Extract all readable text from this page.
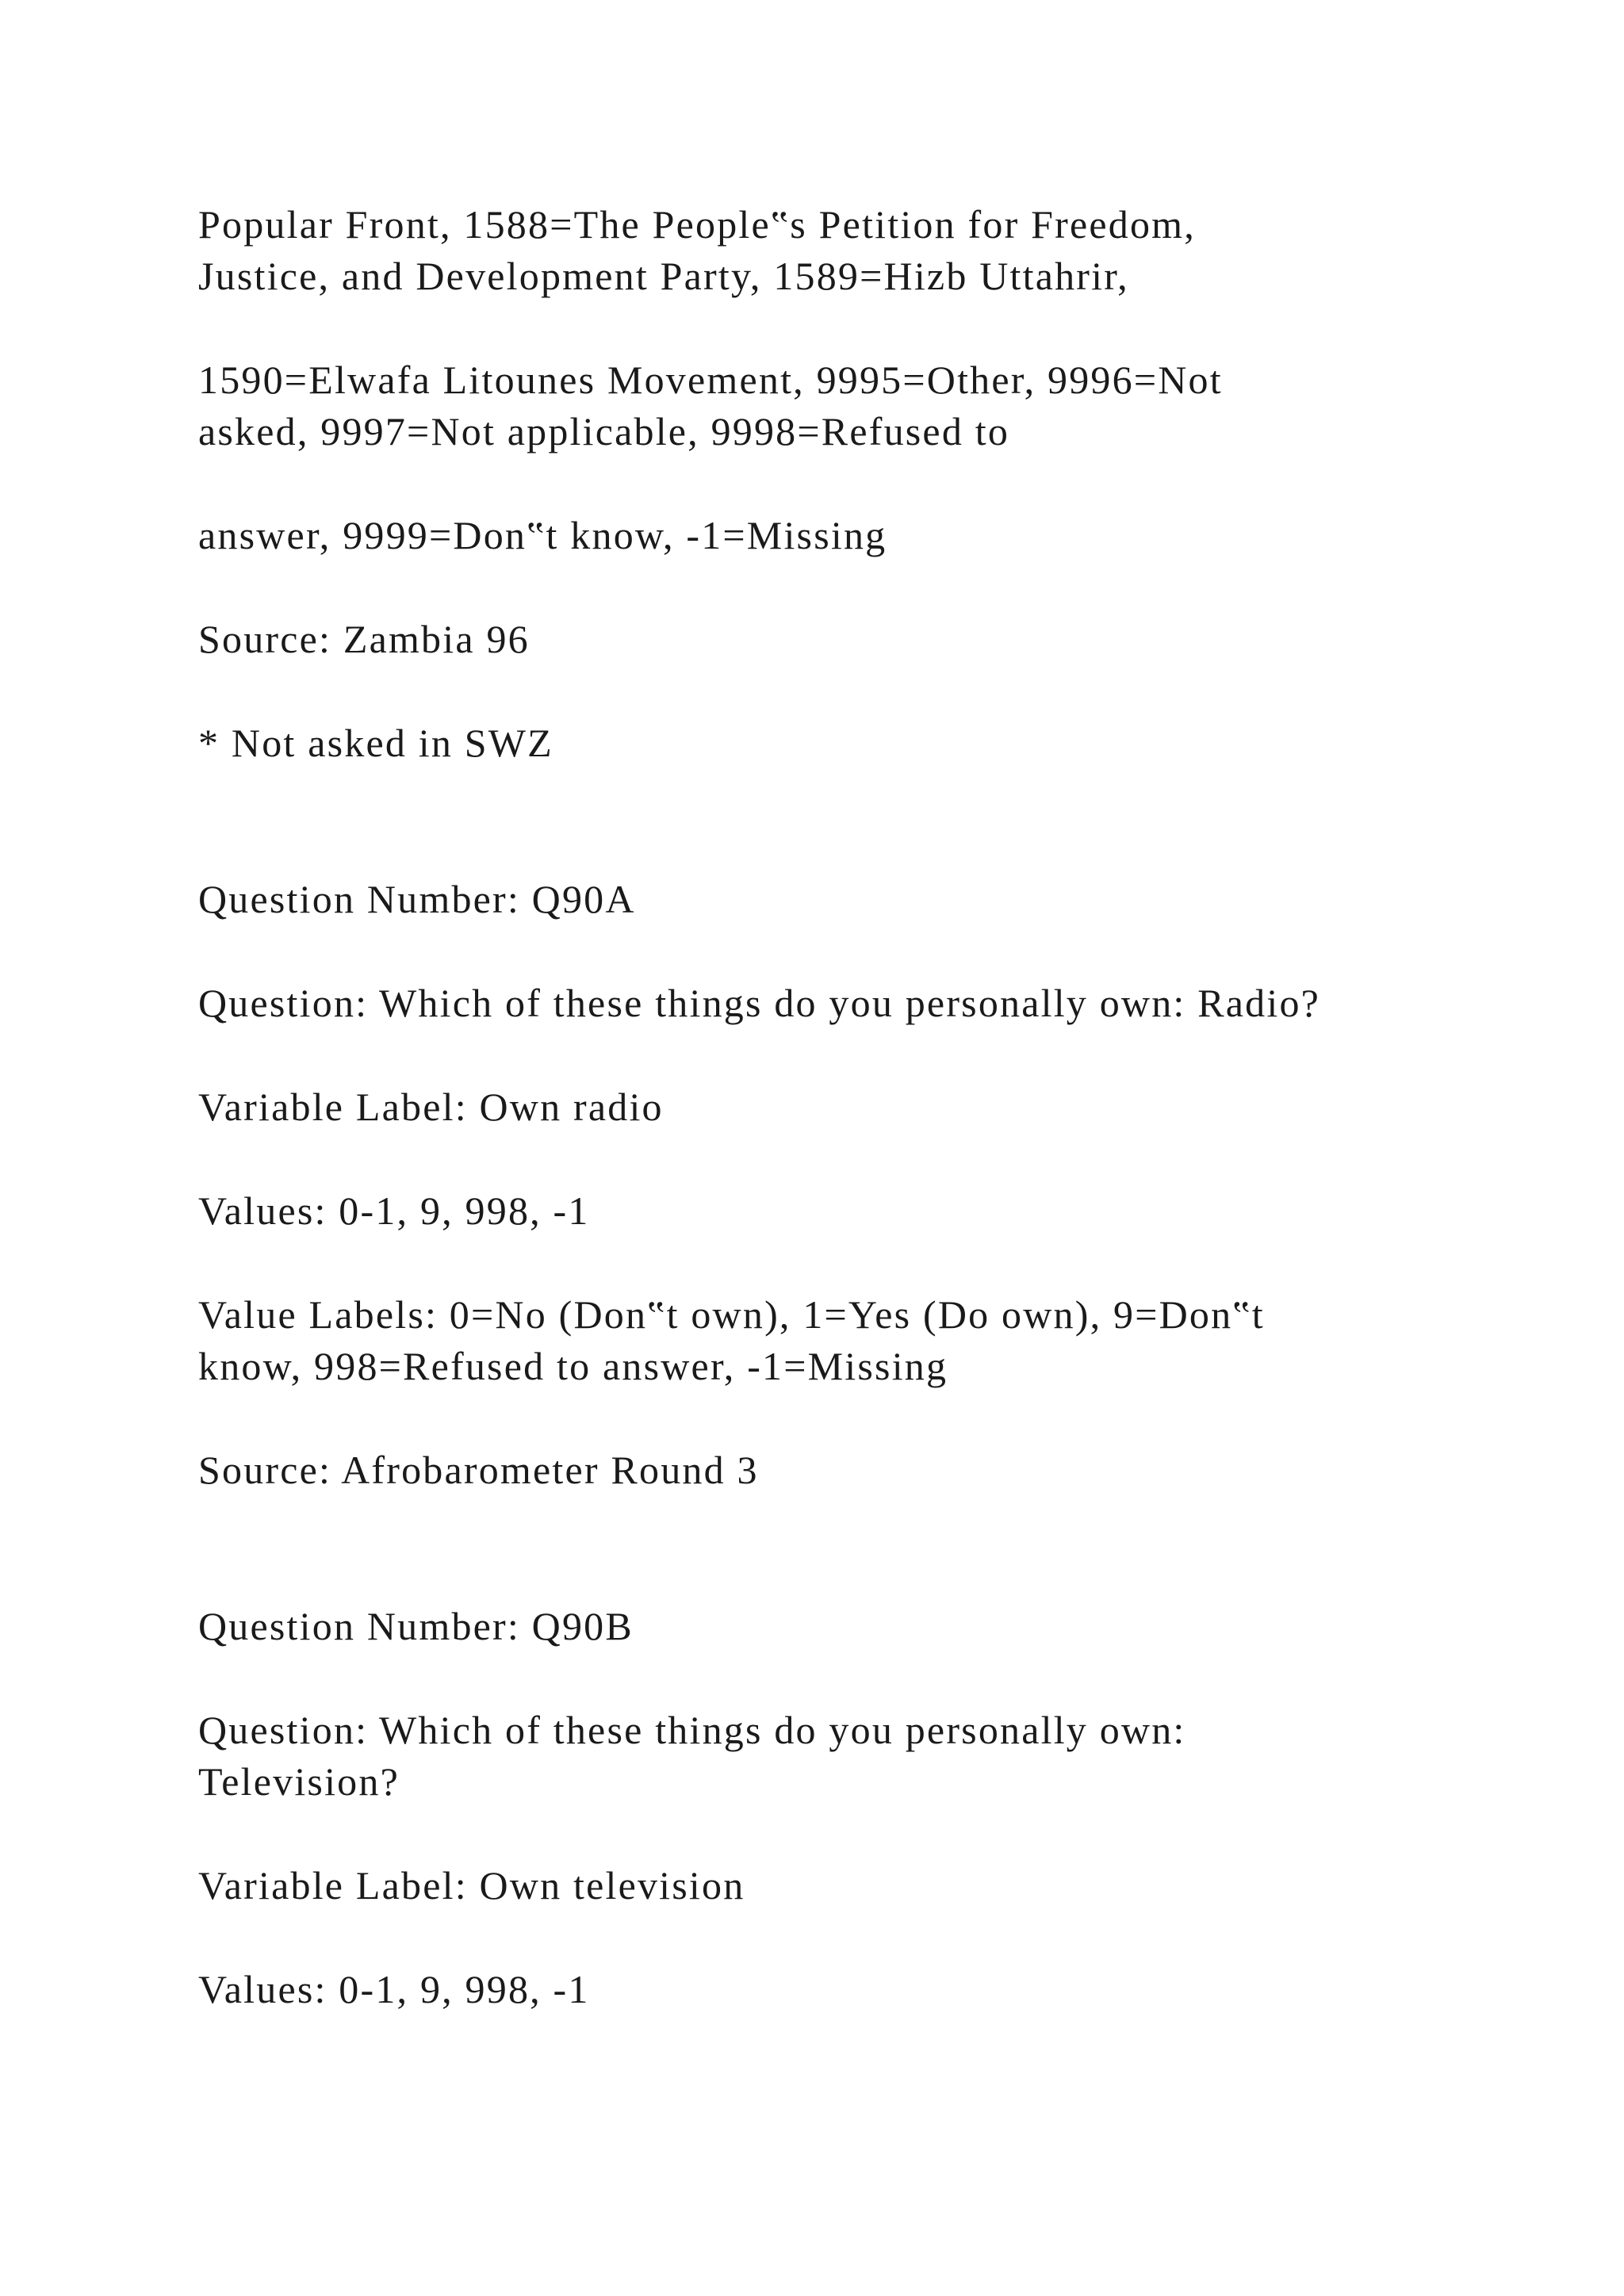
Popular Front, 1588=The People‟s Petition for Freedom,
Justice, and Development Party, 1589=Hizb Uttahrir,
1590=Elwafa Litounes Movement, 9995=Other, 9996=Not
asked, 9997=Not applicable, 9998=Refused to
answer, 9999=Don‟t know, -1=Missing
Source: Zambia 96
* Not asked in SWZ
Question Number: Q90A
Question: Which of these things do you personally own: Radio?
Variable Label: Own radio
Values: 0-1, 9, 998, -1
Value Labels: 0=No (Don‟t own), 1=Yes (Do own), 9=Don‟t
know, 998=Refused to answer, -1=Missing
Source: Afrobarometer Round 3
Question Number: Q90B
Question: Which of these things do you personally own:
Television?
Variable Label: Own television
Values: 0-1, 9, 998, -1
